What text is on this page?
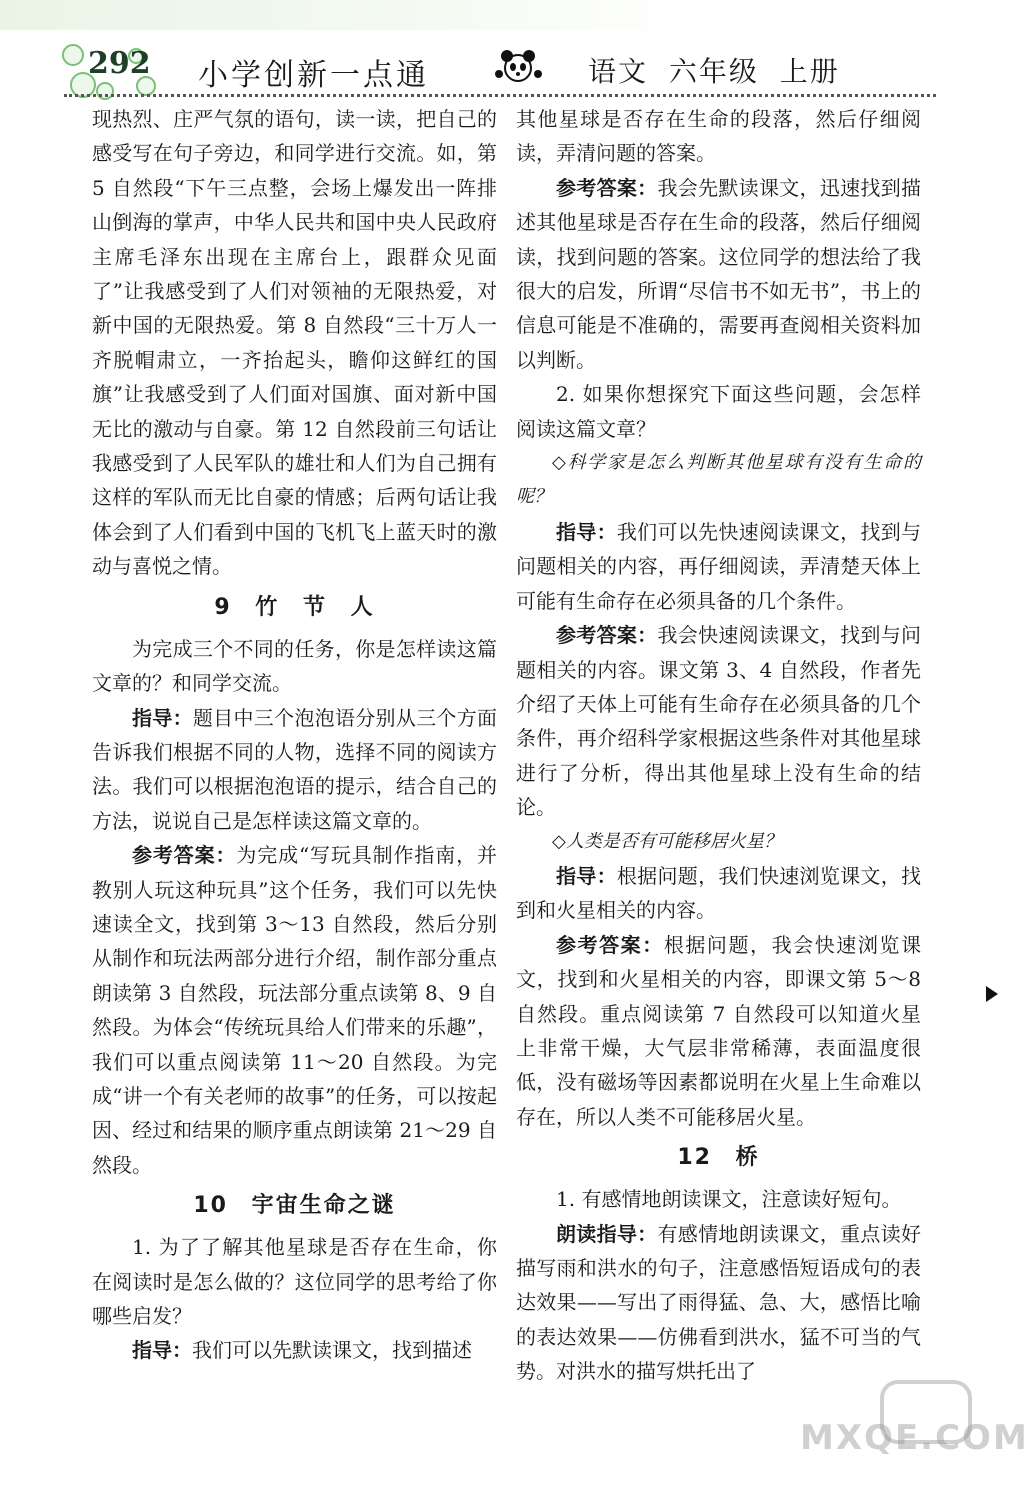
292 小学创新一点通	语文 六年级 上册

现热烈、庄严气氛的语句，读一读，把自己的感受写在句子旁边，和同学进行交流。如，第 5 自然段“下午三点整，会场上爆发出一阵排山倒海的掌声，中华人民共和国中央人民政府主席毛泽东出现在主席台上，跟群众见面了”让我感受到了人们对领袖的无限热爱，对新中国的无限热爱。第 8 自然段“三十万人一齐脱帽肃立，一齐抬起头，瞻仰这鲜红的国旗”让我感受到了人们面对国旗、面对新中国无比的激动与自豪。第 12 自然段前三句话让我感受到了人民军队的雄壮和人们为自己拥有这样的军队而无比自豪的情感；后两句话让我体会到了人们看到中国的飞机飞上蓝天时的激动与喜悦之情。

9 竹 节 人

为完成三个不同的任务，你是怎样读这篇文章的？和同学交流。

指导：题目中三个泡泡语分别从三个方面告诉我们根据不同的人物，选择不同的阅读方法。我们可以根据泡泡语的提示，结合自己的方法，说说自己是怎样读这篇文章的。

参考答案：为完成“写玩具制作指南，并教别人玩这种玩具”这个任务，我们可以先快速读全文，找到第 3～13 自然段，然后分别从制作和玩法两部分进行介绍，制作部分重点朗读第 3 自然段，玩法部分重点读第 8、9 自然段。为体会“传统玩具给人们带来的乐趣”，我们可以重点阅读第 11～20 自然段。为完成“讲一个有关老师的故事”的任务，可以按起因、经过和结果的顺序重点朗读第 21～29 自然段。

10 宇宙生命之谜

1. 为了了解其他星球是否存在生命，你在阅读时是怎么做的？这位同学的思考给了你哪些启发？

指导：我们可以先默读课文，找到描述

其他星球是否存在生命的段落，然后仔细阅读，弄清问题的答案。

参考答案：我会先默读课文，迅速找到描述其他星球是否存在生命的段落，然后仔细阅读，找到问题的答案。这位同学的想法给了我很大的启发，所谓“尽信书不如无书”，书上的信息可能是不准确的，需要再查阅相关资料加以判断。

2. 如果你想探究下面这些问题，会怎样阅读这篇文章？

◇科学家是怎么判断其他星球有没有生命的呢？

指导：我们可以先快速阅读课文，找到与问题相关的内容，再仔细阅读，弄清楚天体上可能有生命存在必须具备的几个条件。

参考答案：我会快速阅读课文，找到与问题相关的内容。课文第 3、4 自然段，作者先介绍了天体上可能有生命存在必须具备的几个条件，再介绍科学家根据这些条件对其他星球进行了分析，得出其他星球上没有生命的结论。

◇人类是否有可能移居火星？

指导：根据问题，我们快速浏览课文，找到和火星相关的内容。

参考答案：根据问题，我会快速浏览课文，找到和火星相关的内容，即课文第 5～8 自然段。重点阅读第 7 自然段可以知道火星上非常干燥，大气层非常稀薄，表面温度很低，没有磁场等因素都说明在火星上生命难以存在，所以人类不可能移居火星。

12 桥

1. 有感情地朗读课文，注意读好短句。

朗读指导：有感情地朗读课文，重点读好描写雨和洪水的句子，注意感悟短语成句的表达效果——写出了雨得猛、急、大，感悟比喻的表达效果——仿佛看到洪水，猛不可当的气势。对洪水的描写烘托出了

MXQE.COM
